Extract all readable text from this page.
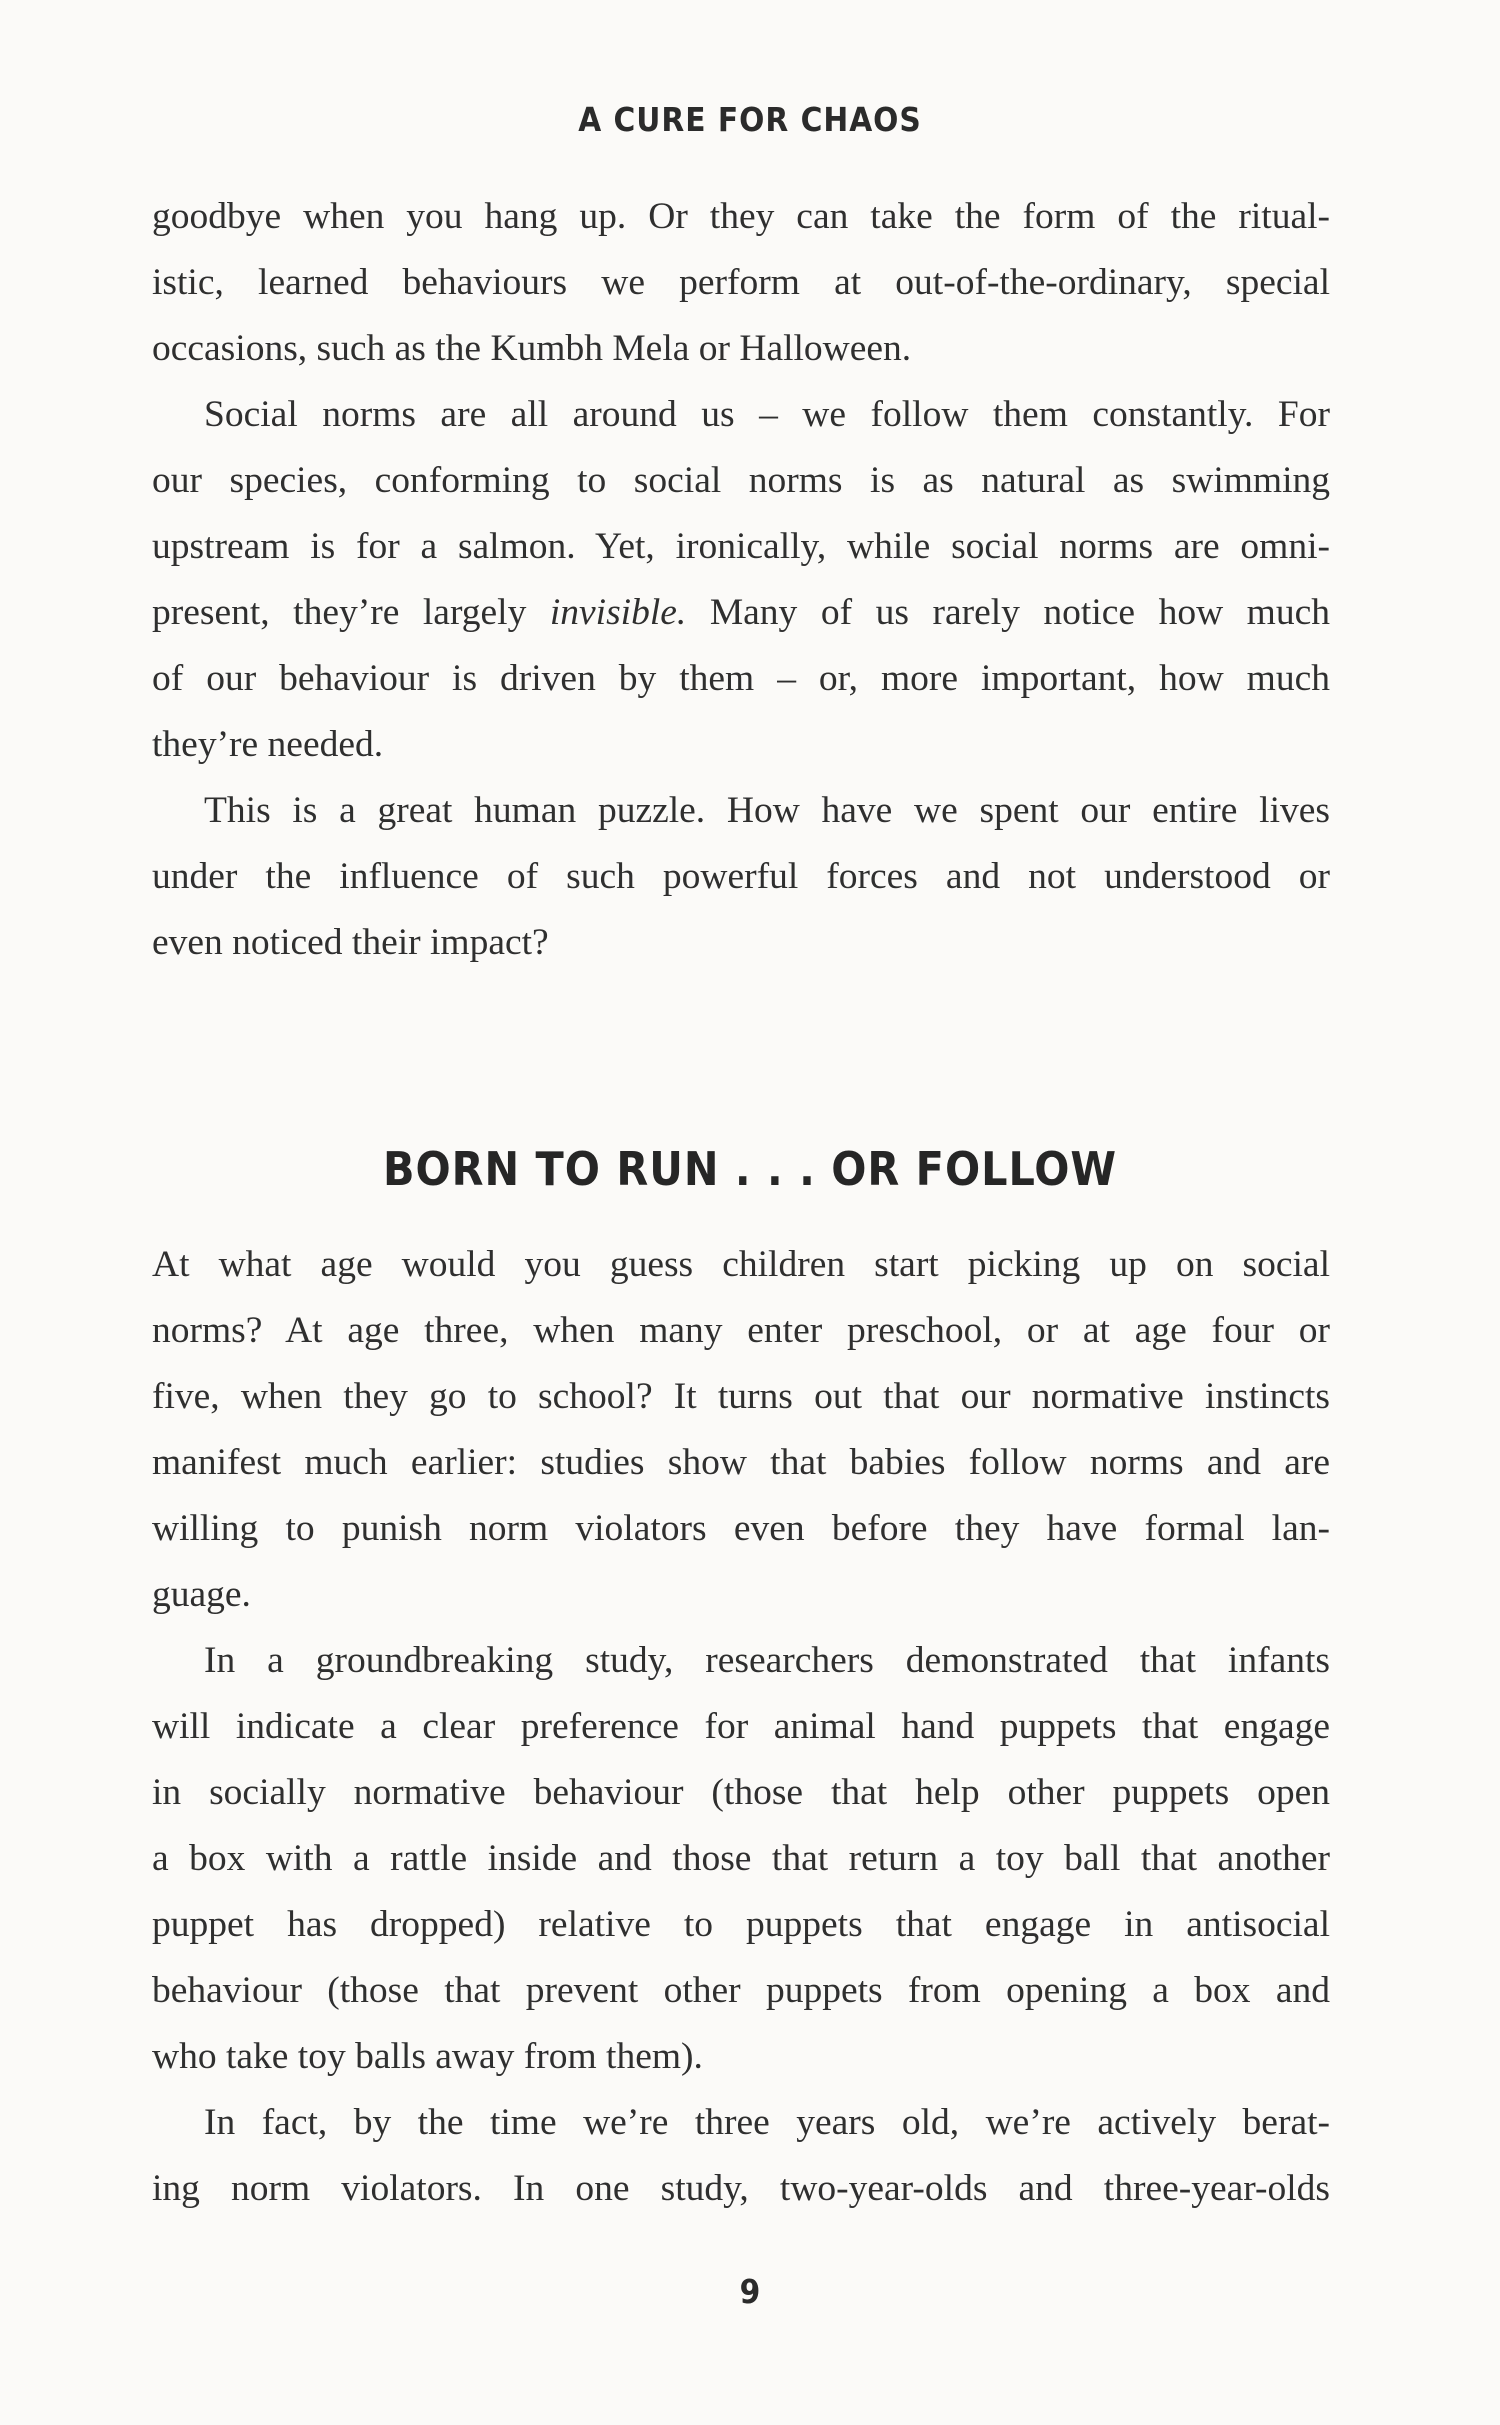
A CURE FOR CHAOS
goodbye when you hang up. Or they can take the form of the ritual-
istic, learned behaviours we perform at out-of-the-ordinary, special
occasions, such as the Kumbh Mela or Halloween.
Social norms are all around us – we follow them constantly. For
our species, conforming to social norms is as natural as swimming
upstream is for a salmon. Yet, ironically, while social norms are omni-
present, they’re largely invisible. Many of us rarely notice how much
of our behaviour is driven by them – or, more important, how much
they’re needed.
This is a great human puzzle. How have we spent our entire lives
under the influence of such powerful forces and not understood or
even noticed their impact?
BORN TO RUN . . . OR FOLLOW
At what age would you guess children start picking up on social
norms? At age three, when many enter preschool, or at age four or
five, when they go to school? It turns out that our normative instincts
manifest much earlier: studies show that babies follow norms and are
willing to punish norm violators even before they have formal lan-
guage.
In a groundbreaking study, researchers demonstrated that infants
will indicate a clear preference for animal hand puppets that engage
in socially normative behaviour (those that help other puppets open
a box with a rattle inside and those that return a toy ball that another
puppet has dropped) relative to puppets that engage in antisocial
behaviour (those that prevent other puppets from opening a box and
who take toy balls away from them).
In fact, by the time we’re three years old, we’re actively berat-
ing norm violators. In one study, two-year-olds and three-year-olds
9
